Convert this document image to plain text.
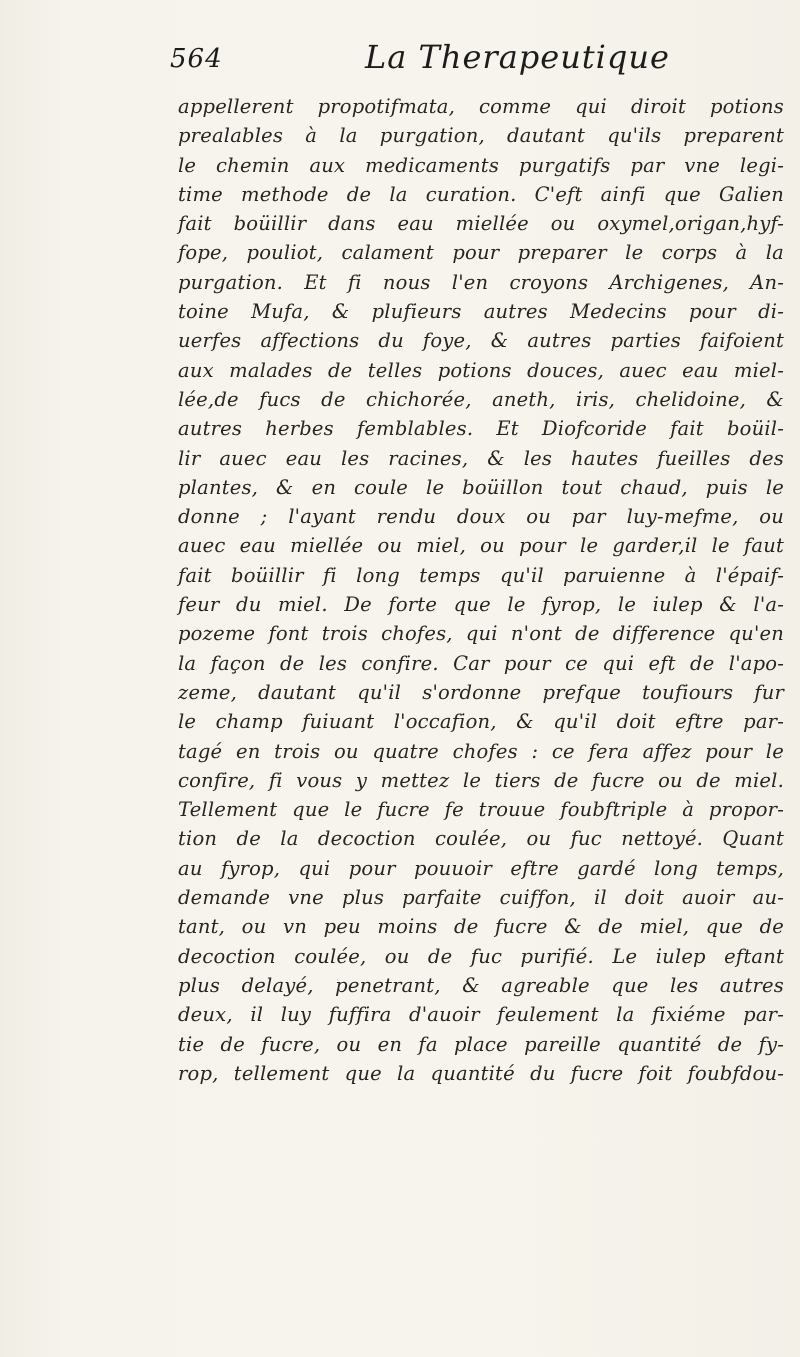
564	La Therapeutique
appellerent propotifmata, comme qui diroit potions
prealables à la purgation, dautant qu'ils preparent
le chemin aux medicaments purgatifs par vne legi-
time methode de la curation. C'eft ainfi que Galien
fait boüillir dans eau miellée ou oxymel,origan,hyf-
fope, pouliot, calament pour preparer le corps à la
purgation. Et fi nous l'en croyons Archigenes, An-
toine Mufa, & plufieurs autres Medecins pour di-
uerfes affections du foye, & autres parties faifoient
aux malades de telles potions douces, auec eau miel-
lée,de fucs de chichorée, aneth, iris, chelidoine, &
autres herbes femblables. Et Diofcoride fait boüil-
lir auec eau les racines, & les hautes fueilles des
plantes, & en coule le boüillon tout chaud, puis le
donne ; l'ayant rendu doux ou par luy-mefme, ou
auec eau miellée ou miel, ou pour le garder,il le faut
fait boüillir fi long temps qu'il paruienne à l'épaif-
feur du miel. De forte que le fyrop, le iulep & l'a-
pozeme font trois chofes, qui n'ont de difference qu'en
la façon de les confire. Car pour ce qui eft de l'apo-
zeme, dautant qu'il s'ordonne prefque toufiours fur
le champ fuiuant l'occafion, & qu'il doit eftre par-
tagé en trois ou quatre chofes : ce fera affez pour le
confire, fi vous y mettez le tiers de fucre ou de miel.
Tellement que le fucre fe trouue foubftriple à propor-
tion de la decoction coulée, ou fuc nettoyé. Quant
au fyrop, qui pour pouuoir eftre gardé long temps,
demande vne plus parfaite cuiffon, il doit auoir au-
tant, ou vn peu moins de fucre & de miel, que de
decoction coulée, ou de fuc purifié. Le iulep eftant
plus delayé, penetrant, & agreable que les autres
deux, il luy fuffira d'auoir feulement la fixiéme par-
tie de fucre, ou en fa place pareille quantité de fy-
rop, tellement que la quantité du fucre foit foubfdou-
